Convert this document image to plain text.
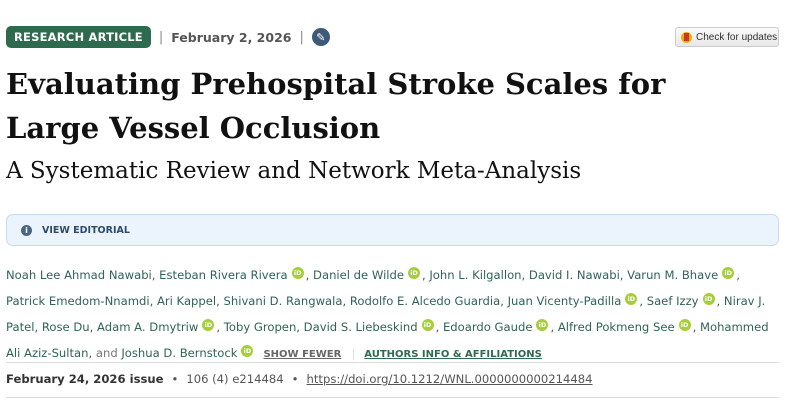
RESEARCH ARTICLE	| February 2, 2026 |	✎	Check for updates
Evaluating Prehospital Stroke Scales for Large Vessel Occlusion
A Systematic Review and Network Meta-Analysis
i	VIEW EDITORIAL
Noah Lee Ahmad Nawabi, Esteban Rivera Rivera iD , Daniel de Wilde iD , John L. Kilgallon, David I. Nawabi, Varun M. Bhave iD , Patrick Emedom-Nnamdi, Ari Kappel, Shivani D. Rangwala, Rodolfo E. Alcedo Guardia, Juan Vicenty-Padilla iD , Saef Izzy iD , Nirav J. Patel, Rose Du, Adam A. Dmytriw iD , Toby Gropen, David S. Liebeskind iD , Edoardo Gaude iD , Alfred Pokmeng See iD , Mohammed Ali Aziz-Sultan, and Joshua D. Bernstock iD SHOW FEWER AUTHORS INFO & AFFILIATIONS
February 24, 2026 issue • 106 (4) e214484 • https://doi.org/10.1212/WNL.0000000000214484
